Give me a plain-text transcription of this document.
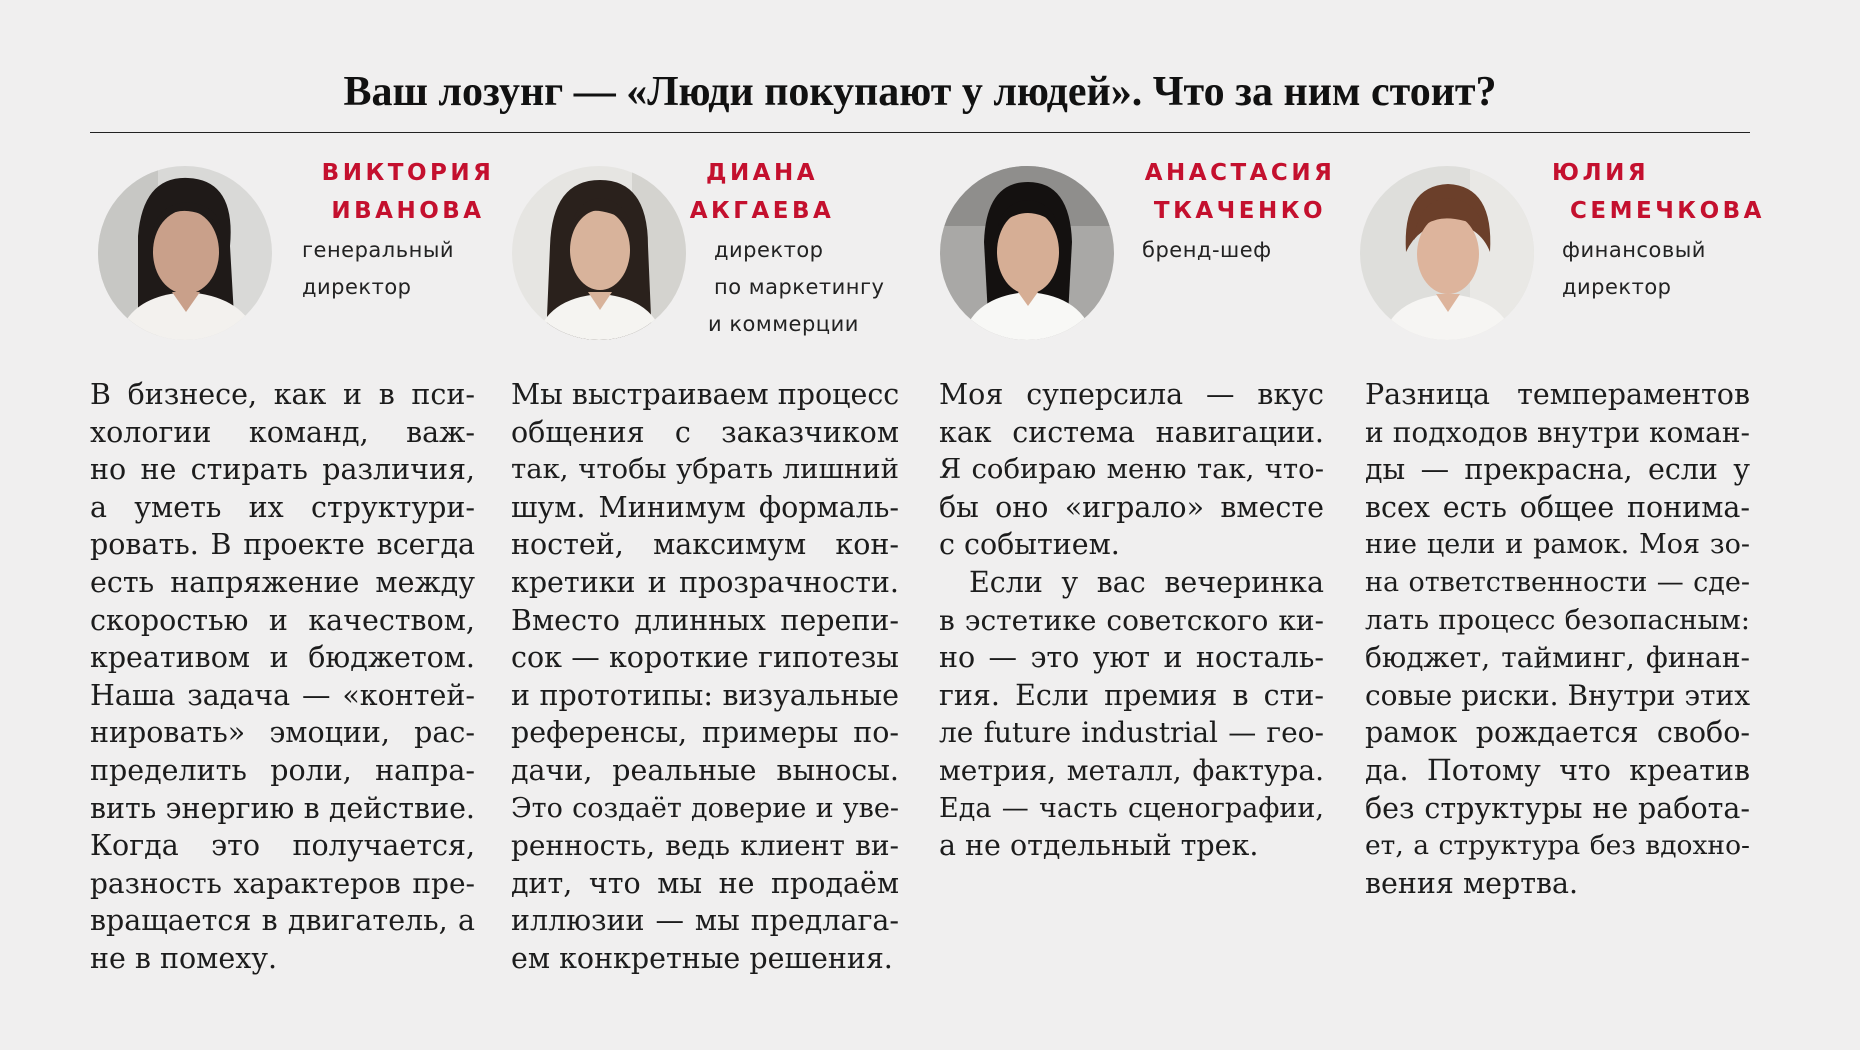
Ваш лозунг — «Люди покупают у людей». Что за ним стоит?
ВИКТОРИЯ
ИВАНОВА

генеральный
директор

В бизнесе, как и в пси-
хологии команд, важ-
но не стирать различия,
а уметь их структури-
ровать. В проекте всегда
есть напряжение между
скоростью и качеством,
креативом и бюджетом.
Наша задача — «контей-
нировать» эмоции, рас-
пределить роли, напра-
вить энергию в действие.
Когда это получается,
разность характеров пре-
вращается в двигатель, а
не в помеху.

ДИАНА
АКГАЕВА

директор
по маркетингу
и коммерции

Мы выстраиваем процесс
общения с заказчиком
так, чтобы убрать лишний
шум. Минимум формаль-
ностей, максимум кон-
кретики и прозрачности.
Вместо длинных перепи-
сок — короткие гипотезы
и прототипы: визуальные
референсы, примеры по-
дачи, реальные выносы.
Это создаёт доверие и уве-
ренность, ведь клиент ви-
дит, что мы не продаём
иллюзии — мы предлага-
ем конкретные решения.

АНАСТАСИЯ
ТКАЧЕНКО

бренд-шеф

Моя суперсила — вкус
как система навигации.
Я собираю меню так, что-
бы оно «играло» вместе
с событием.
Если у вас вечеринка
в эстетике советского ки-
но — это уют и носталь-
гия. Если премия в сти-
ле future industrial — гео-
метрия, металл, фактура.
Еда — часть сценографии,
а не отдельный трек.

ЮЛИЯ
СЕМЕЧКОВА

финансовый
директор

Разница темпераментов
и подходов внутри коман-
ды — прекрасна, если у
всех есть общее понима-
ние цели и рамок. Моя зо-
на ответственности — сде-
лать процесс безопасным:
бюджет, тайминг, финан-
совые риски. Внутри этих
рамок рождается свобо-
да. Потому что креатив
без структуры не работа-
ет, а структура без вдохно-
вения мертва.
